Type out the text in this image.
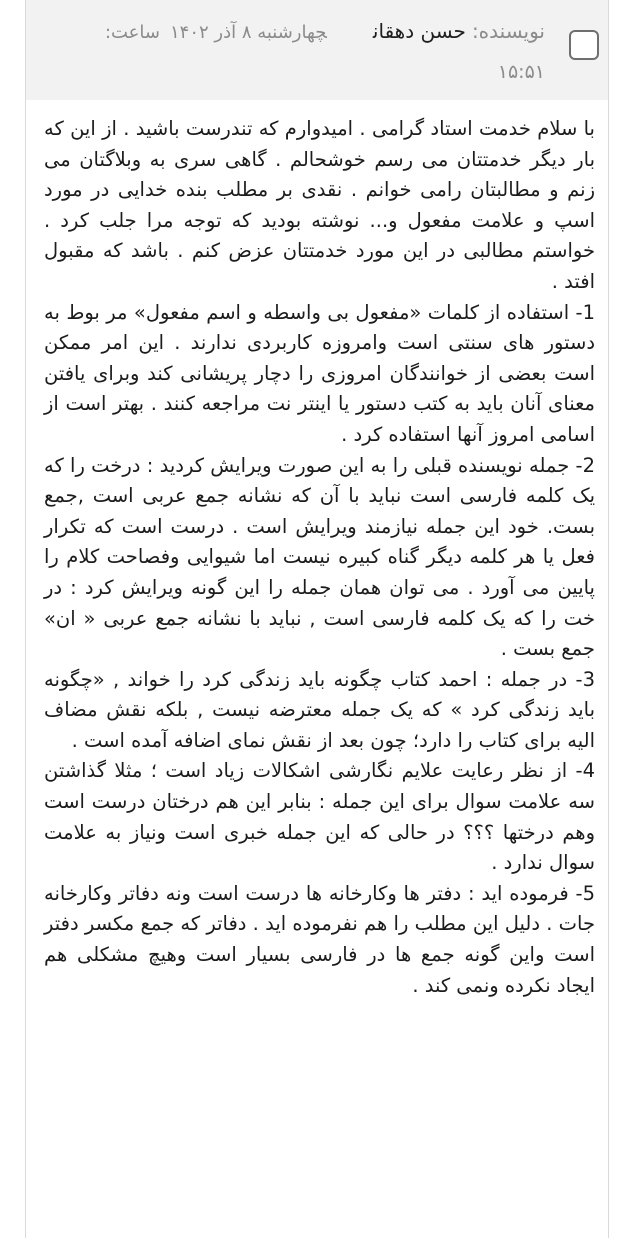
نویسنده:حسن دهقانچهارشنبه ۸ آذر ۱۴۰۲ساعت:
۱۵:۵۱

با سلام خدمت استاد گرامی . امیدوارم که تندرست باشید . از این که بار دیگر خدمتتان می رسم خوشحالم . گاهی سری به وبلاگتان می زنم و مطالبتان رامی خوانم . نقدی بر مطلب بنده خدایی در مورد اسپ و علامت مفعول و... نوشته بودید که توجه مرا جلب کرد . خواستم مطالبی در این مورد خدمتتان عزض کنم . باشد که مقبول افتد .

1- استفاده از کلمات «مفعول بی واسطه و اسم مفعول» مر بوط به دستور های سنتی است وامروزه کاربردی ندارند . این امر ممکن است بعضی از خوانندگان امروزی را دچار پریشانی کند وبرای یافتن معنای آنان باید به کتب دستور یا اینتر نت مراجعه کنند . بهتر است از اسامی امروز آنها استفاده کرد .

2- جمله نویسنده قبلی را به این صورت ویرایش کردید : درخت را که یک کلمه فارسی است نباید با آن که نشانه جمع عربی است ,جمع بست. خود این جمله نیازمند ویرایش است . درست است که تکرار فعل یا هر کلمه دیگر گناه کبیره نیست اما شیوایی وفصاحت کلام را پایین می آورد . می توان همان جمله را این گونه ویرایش کرد : در خت را که یک کلمه فارسی است , نباید با نشانه جمع عربی « ان» جمع بست .

3- در جمله : احمد کتاب چگونه باید زندگی کرد را خواند , «چگونه باید زندگی کرد » که یک جمله معترضه نیست , بلکه نقش مضاف الیه برای کتاب را دارد؛ چون بعد از نقش نمای اضافه آمده است .

4- از نظر رعایت علایم نگارشی اشکالات زیاد است ؛ مثلا گذاشتن سه علامت سوال برای این جمله : بنابر این هم درختان درست است وهم درختها ؟؟؟ در حالی که این جمله خبری است ونیاز به علامت سوال ندارد .

5- فرموده اید : دفتر ها وکارخانه ها درست است ونه دفاتر وکارخانه جات . دلیل این مطلب را هم نفرموده اید . دفاتر که جمع مکسر دفتر است واین گونه جمع ها در فارسی بسیار است وهیچ مشکلی هم ایجاد نکرده ونمی کند .
